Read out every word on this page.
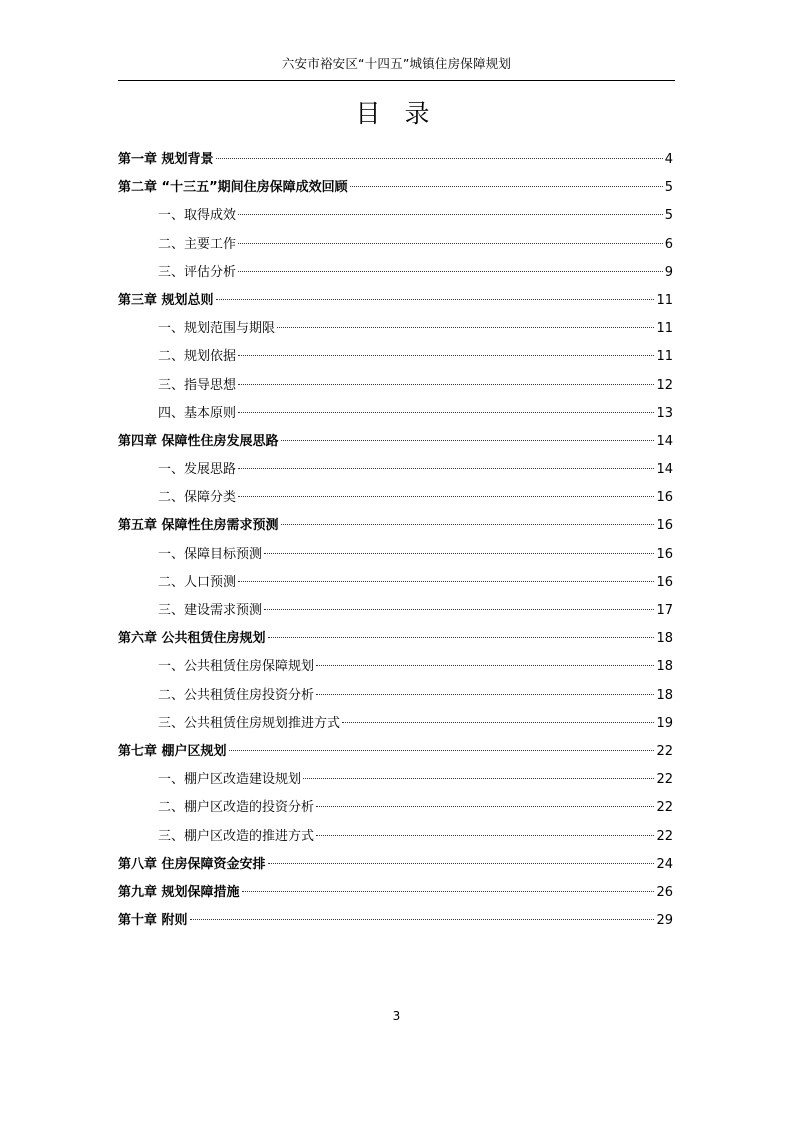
六安市裕安区“十四五”城镇住房保障规划
目 录
第一章 规划背景	4
第二章 “十三五”期间住房保障成效回顾	5
一、取得成效	5
二、主要工作	6
三、评估分析	9
第三章 规划总则	11
一、规划范围与期限	11
二、规划依据	11
三、指导思想	12
四、基本原则	13
第四章 保障性住房发展思路	14
一、发展思路	14
二、保障分类	16
第五章 保障性住房需求预测	16
一、保障目标预测	16
二、人口预测	16
三、建设需求预测	17
第六章 公共租赁住房规划	18
一、公共租赁住房保障规划	18
二、公共租赁住房投资分析	18
三、公共租赁住房规划推进方式	19
第七章 棚户区规划	22
一、棚户区改造建设规划	22
二、棚户区改造的投资分析	22
三、棚户区改造的推进方式	22
第八章 住房保障资金安排	24
第九章 规划保障措施	26
第十章 附则	29
3
